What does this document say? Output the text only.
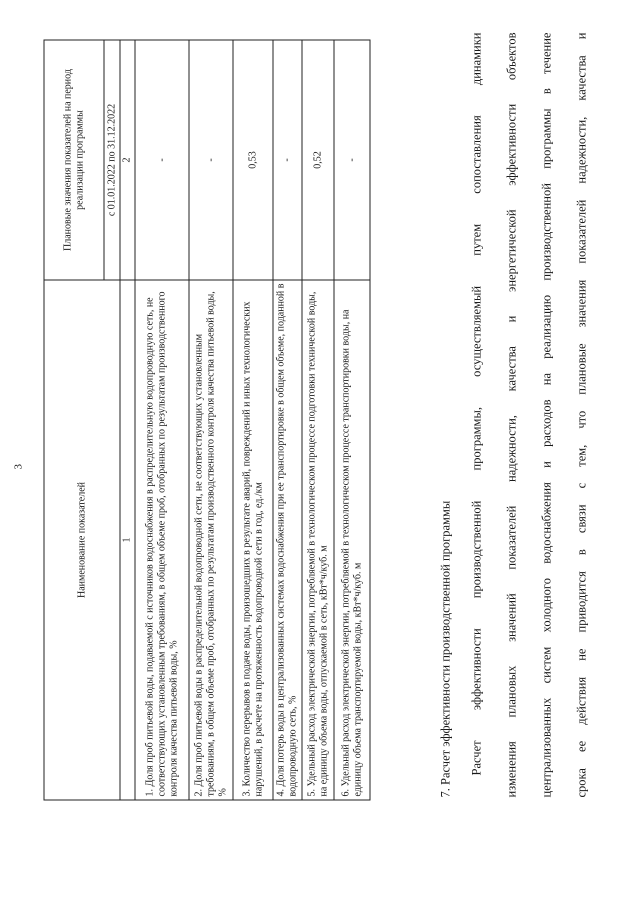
3
Наименование показателей	Плановые значения показателей на период реализации программы
	с 01.01.2022 по 31.12.2022
1	2
1. Доля проб питьевой воды, подаваемой с источников водоснабжения в распределительную водопроводную сеть, не соответствующих установленным требованиям, в общем объеме проб, отобранных по результатам производственного контроля качества питьевой воды, %	-
2. Доля проб питьевой воды в распределительной водопроводной сети, не соответствующих установленным требованиям, в общем объеме проб, отобранных по результатам производственного контроля качества питьевой воды, %	-
3. Количество перерывов в подаче воды, произошедших в результате аварий, повреждений и иных технологических нарушений, в расчете на протяженность водопроводной сети в год, ед./км	0,53
4. Доля потерь воды в централизованных системах водоснабжения при ее транспортировке в общем объеме, поданной в водопроводную сеть, %	-
5. Удельный расход электрической энергии, потребляемой в технологическом процессе подготовки технической воды, на единицу объема воды, отпускаемой в сеть, кВт*ч/куб. м	0,52
6. Удельный расход электрической энергии, потребляемой в технологическом процессе транспортировки воды, на единицу объема транспортируемой воды, кВт*ч/куб. м	-
7. Расчет эффективности производственной программы Расчет эффективности производственной программы, осуществляемый путем сопоставления динамики изменения плановых значений показателей надежности, качества и энергетической эффективности объектов централизованных систем холодного водоснабжения и расходов на реализацию производственной программы в течение срока ее действия не приводится в связи с тем, что плановые значения показателей надежности, качества и
